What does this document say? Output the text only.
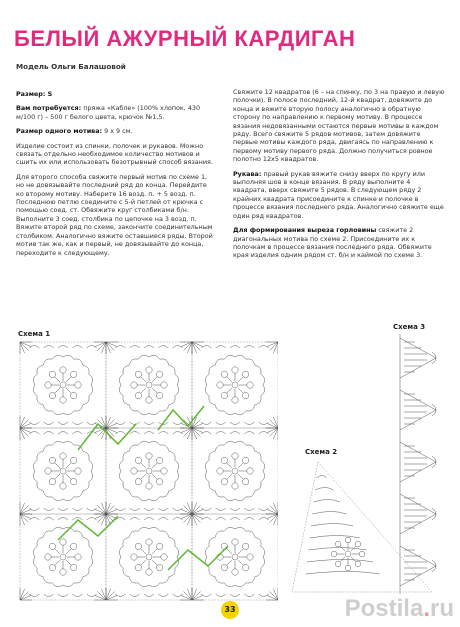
БЕЛЫЙ АЖУРНЫЙ КАРДИГАН
Модель Ольги Балашовой

Размер: S

Вам потребуется: пряжа «Каблe» (100% хлопок, 430 м/100 г) – 500 г белого цвета, крючок №1,5.

Размер одного мотива: 9 х 9 см.

Изделие состоит из спинки, полочек и рукавов. Можно связать отдельно необходимое количество мотивов и сшить их или использовать безотрывный способ вязания.

Для второго способа свяжите первый мотив по схеме 1, но не довязывайте последний ряд до конца. Перейдите ко второму мотиву. Наберите 16 возд. п. + 5 возд. п. Последнюю петлю соедините с 5-й петлей от крючка с помощью соед. ст. Обвяжите круг столбиками б/н. Выполните 3 соед. столбика по цепочке на 3 возд. п. Вяжите второй ряд по схеме, закончите соединительным столбиком. Аналогично вяжите оставшиеся ряды. Второй мотив так же, как и первый, не довязывайте до конца, переходите к следующему.

Свяжите 12 квадратов (6 – на спинку, по 3 на правую и левую полочки). В полосе последний, 12-й квадрат, довяжите до конца и вяжите вторую полосу аналогично в обратную сторону по направлению к первому мотиву. В процессе вязания недовязанными остаются первые мотивы в каждом ряду. Всего свяжите 5 рядов мотивов, затем довяжите первые мотивы каждого ряда, двигаясь по направлению к первому мотиву первого ряда. Должно получиться ровное полотно 12х5 квадратов.

Рукава: правый рукав вяжите снизу вверх по кругу или выполняя шов в конце вязания. В ряду выполните 4 квадрата, вверх свяжите 5 рядов. В следующем ряду 2 крайних квадрата присоедините к спинке и полочке в процессе вязания последнего ряда. Аналогично свяжите еще один ряд квадратов.

Для формирования выреза горловины свяжите 2 диагональных мотива по схеме 2. Присоедините их к полочкам в процессе вязания последнего ряда. Обвяжите края изделия одним рядом ст. б/н и каймой по схеме 3.

Схема 1
Схема 3
Схема 2
33	Postila.ru
